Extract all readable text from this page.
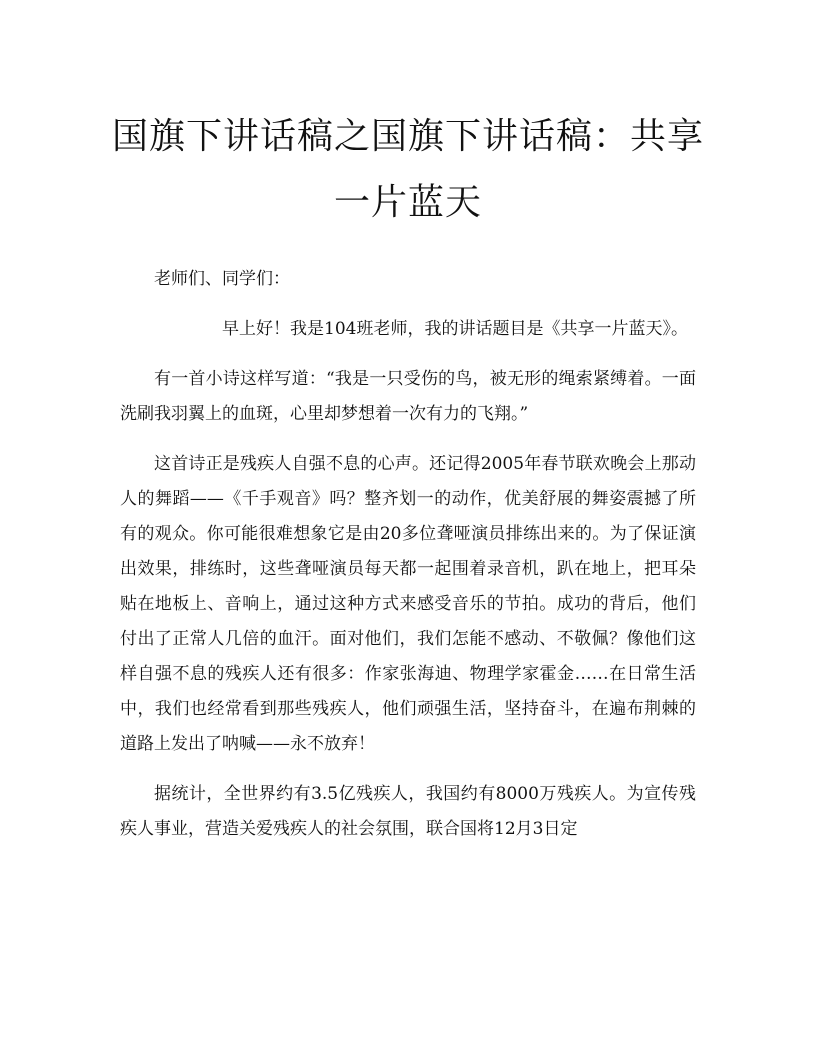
国旗下讲话稿之国旗下讲话稿：共享一片蓝天

老师们、同学们：

早上好！我是104班老师，我的讲话题目是《共享一片蓝天》。

有一首小诗这样写道：“我是一只受伤的鸟，被无形的绳索紧缚着。一面洗刷我羽翼上的血斑，心里却梦想着一次有力的飞翔。”

这首诗正是残疾人自强不息的心声。还记得2005年春节联欢晚会上那动人的舞蹈——《千手观音》吗？整齐划一的动作，优美舒展的舞姿震撼了所有的观众。你可能很难想象它是由20多位聋哑演员排练出来的。为了保证演出效果，排练时，这些聋哑演员每天都一起围着录音机，趴在地上，把耳朵贴在地板上、音响上，通过这种方式来感受音乐的节拍。成功的背后，他们付出了正常人几倍的血汗。面对他们，我们怎能不感动、不敬佩？像他们这样自强不息的残疾人还有很多：作家张海迪、物理学家霍金……在日常生活中，我们也经常看到那些残疾人，他们顽强生活，坚持奋斗，在遍布荆棘的道路上发出了呐喊——永不放弃！

据统计，全世界约有3.5亿残疾人，我国约有8000万残疾人。为宣传残疾人事业，营造关爱残疾人的社会氛围，联合国将12月3日定
